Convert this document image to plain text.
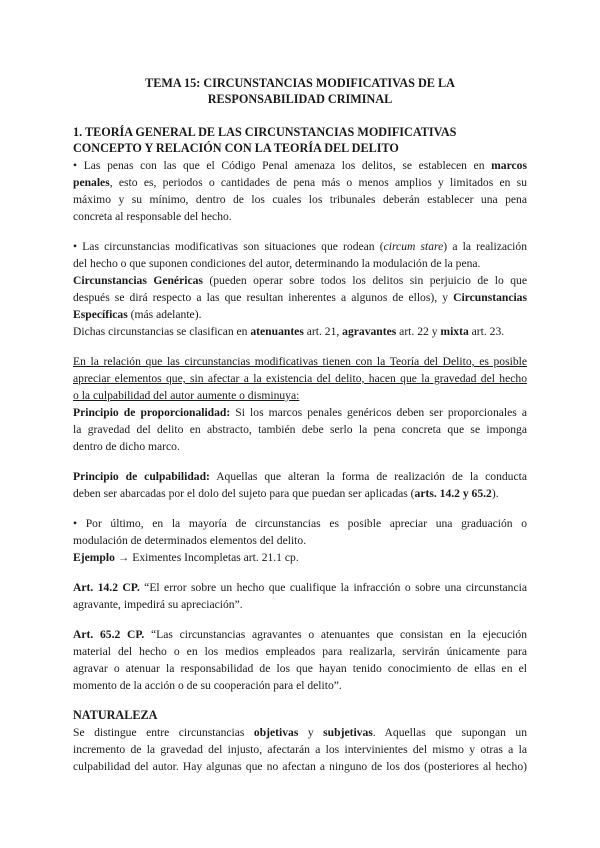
TEMA 15: CIRCUNSTANCIAS MODIFICATIVAS DE LA
RESPONSABILIDAD CRIMINAL
1. TEORÍA GENERAL DE LAS CIRCUNSTANCIAS MODIFICATIVAS
CONCEPTO Y RELACIÓN CON LA TEORÍA DEL DELITO
• Las penas con las que el Código Penal amenaza los delitos, se establecen en marcos
penales, esto es, periodos o cantidades de pena más o menos amplios y limitados en su
máximo y su mínimo, dentro de los cuales los tribunales deberán establecer una pena
concreta al responsable del hecho.
• Las circunstancias modificativas son situaciones que rodean (circum stare) a la realización
del hecho o que suponen condiciones del autor, determinando la modulación de la pena.
Circunstancias Genéricas (pueden operar sobre todos los delitos sin perjuicio de lo que
después se dirá respecto a las que resultan inherentes a algunos de ellos), y Circunstancias
Específicas (más adelante).
Dichas circunstancias se clasifican en atenuantes art. 21, agravantes art. 22 y mixta art. 23.
En la relación que las circunstancias modificativas tienen con la Teoría del Delito, es posible
apreciar elementos que, sin afectar a la existencia del delito, hacen que la gravedad del hecho
o la culpabilidad del autor aumente o disminuya:
Principio de proporcionalidad: Si los marcos penales genéricos deben ser proporcionales a
la gravedad del delito en abstracto, también debe serlo la pena concreta que se imponga
dentro de dicho marco.
Principio de culpabilidad: Aquellas que alteran la forma de realización de la conducta
deben ser abarcadas por el dolo del sujeto para que puedan ser aplicadas (arts. 14.2 y 65.2).
• Por último, en la mayoría de circunstancias es posible apreciar una graduación o
modulación de determinados elementos del delito.
Ejemplo → Eximentes Incompletas art. 21.1 cp.
Art. 14.2 CP. “El error sobre un hecho que cualifique la infracción o sobre una circunstancia
agravante, impedirá su apreciación”.
Art. 65.2 CP. “Las circunstancias agravantes o atenuantes que consistan en la ejecución
material del hecho o en los medios empleados para realizarla, servirán únicamente para
agravar o atenuar la responsabilidad de los que hayan tenido conocimiento de ellas en el
momento de la acción o de su cooperación para el delito”.
NATURALEZA
Se distingue entre circunstancias objetivas y subjetivas. Aquellas que supongan un
incremento de la gravedad del injusto, afectarán a los intervinientes del mismo y otras a la
culpabilidad del autor. Hay algunas que no afectan a ninguno de los dos (posteriores al hecho)
